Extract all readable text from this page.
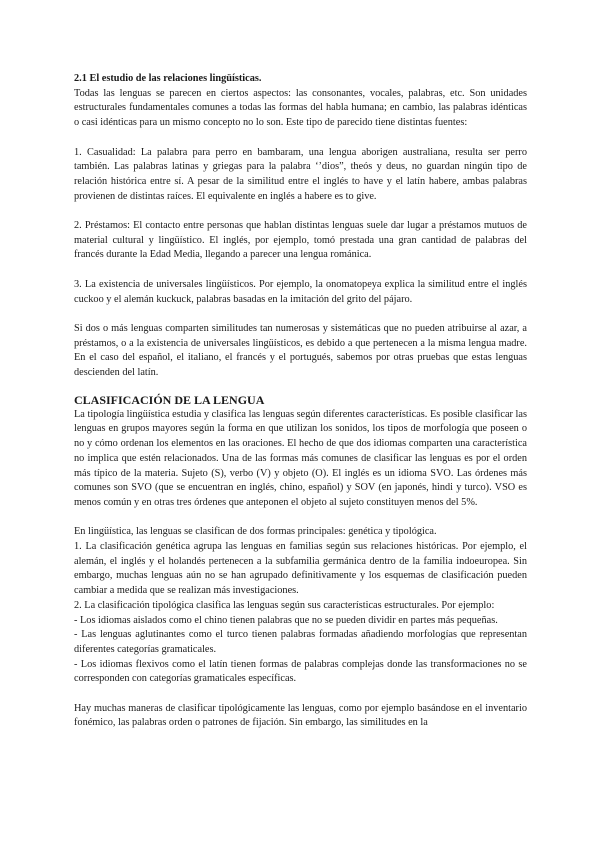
2.1 El estudio de las relaciones lingüísticas.

Todas las lenguas se parecen en ciertos aspectos: las consonantes, vocales, palabras, etc. Son unidades estructurales fundamentales comunes a todas las formas del habla humana; en cambio, las palabras idénticas o casi idénticas para un mismo concepto no lo son. Este tipo de parecido tiene distintas fuentes:

1. Casualidad: La palabra para perro en bambaram, una lengua aborigen australiana, resulta ser perro también. Las palabras latinas y griegas para la palabra ‘’dios”, theós y deus, no guardan ningún tipo de relación histórica entre sí. A pesar de la similitud entre el inglés to have y el latín habere, ambas palabras provienen de distintas raíces. El equivalente en inglés a habere es to give.

2. Préstamos: El contacto entre personas que hablan distintas lenguas suele dar lugar a préstamos mutuos de material cultural y lingüístico. El inglés, por ejemplo, tomó prestada una gran cantidad de palabras del francés durante la Edad Media, llegando a parecer una lengua románica.

3. La existencia de universales lingüísticos. Por ejemplo, la onomatopeya explica la similitud entre el inglés cuckoo y el alemán kuckuck, palabras basadas en la imitación del grito del pájaro.

Si dos o más lenguas comparten similitudes tan numerosas y sistemáticas que no pueden atribuirse al azar, a préstamos, o a la existencia de universales lingüísticos, es debido a que pertenecen a la misma lengua madre. En el caso del español, el italiano, el francés y el portugués, sabemos por otras pruebas que estas lenguas descienden del latín.

CLASIFICACIÓN DE LA LENGUA

La tipología lingüística estudia y clasifica las lenguas según diferentes características. Es posible clasificar las lenguas en grupos mayores según la forma en que utilizan los sonidos, los tipos de morfología que poseen o no y cómo ordenan los elementos en las oraciones. El hecho de que dos idiomas comparten una característica no implica que estén relacionados. Una de las formas más comunes de clasificar las lenguas es por el orden más típico de la materia. Sujeto (S), verbo (V) y objeto (O). El inglés es un idioma SVO. Las órdenes más comunes son SVO (que se encuentran en inglés, chino, español) y SOV (en japonés, hindi y turco). VSO es menos común y en otras tres órdenes que anteponen el objeto al sujeto constituyen menos del 5%.

En lingüística, las lenguas se clasifican de dos formas principales: genética y tipológica.

1. La clasificación genética agrupa las lenguas en familias según sus relaciones históricas. Por ejemplo, el alemán, el inglés y el holandés pertenecen a la subfamilia germánica dentro de la familia indoeuropea. Sin embargo, muchas lenguas aún no se han agrupado definitivamente y los esquemas de clasificación pueden cambiar a medida que se realizan más investigaciones.

2. La clasificación tipológica clasifica las lenguas según sus características estructurales. Por ejemplo:

- Los idiomas aislados como el chino tienen palabras que no se pueden dividir en partes más pequeñas.

- Las lenguas aglutinantes como el turco tienen palabras formadas añadiendo morfologías que representan diferentes categorías gramaticales.

- Los idiomas flexivos como el latín tienen formas de palabras complejas donde las transformaciones no se corresponden con categorías gramaticales específicas.

Hay muchas maneras de clasificar tipológicamente las lenguas, como por ejemplo basándose en el inventario fonémico, las palabras orden o patrones de fijación. Sin embargo, las similitudes en la
